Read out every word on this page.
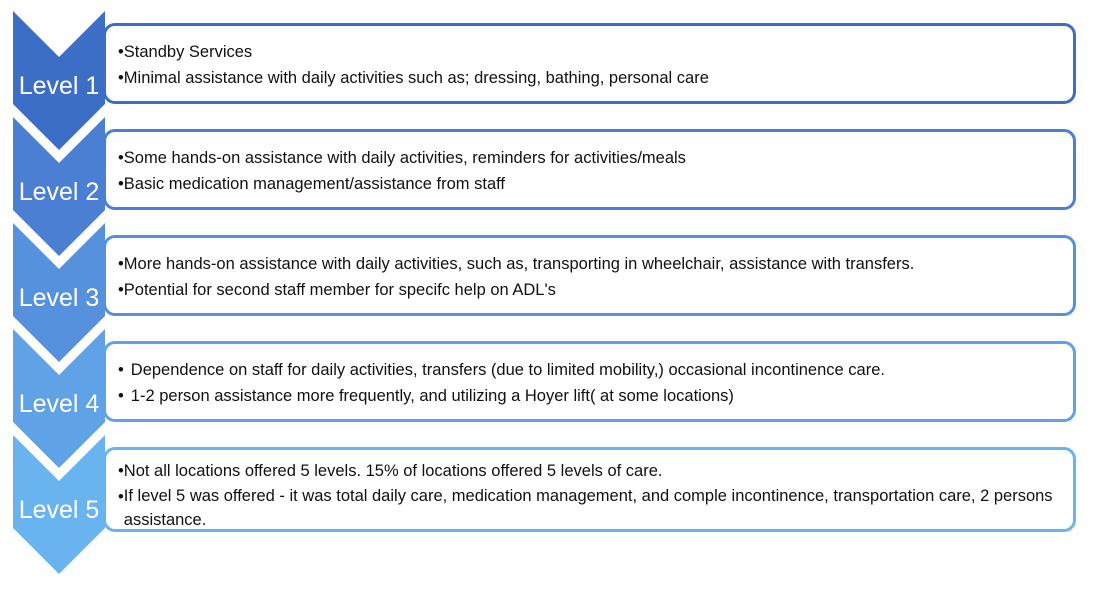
Level 1
• Standby Services
• Minimal assistance with daily activities such as; dressing, bathing, personal care
Level 2
• Some hands-on assistance with daily activities, reminders for activities/meals
• Basic medication management/assistance from staff
Level 3
• More hands-on assistance with daily activities, such as, transporting in wheelchair, assistance with transfers.
• Potential for second staff member for specifc help on ADL's
Level 4
• Dependence on staff for daily activities, transfers (due to limited mobility,) occasional incontinence care.
• 1-2 person assistance more frequently, and utilizing a Hoyer lift( at some locations)
Level 5
• Not all locations offered 5 levels. 15% of locations offered 5 levels of care.
• If level 5 was offered - it was total daily care, medication management, and comple incontinence, transportation care, 2 persons assistance.
